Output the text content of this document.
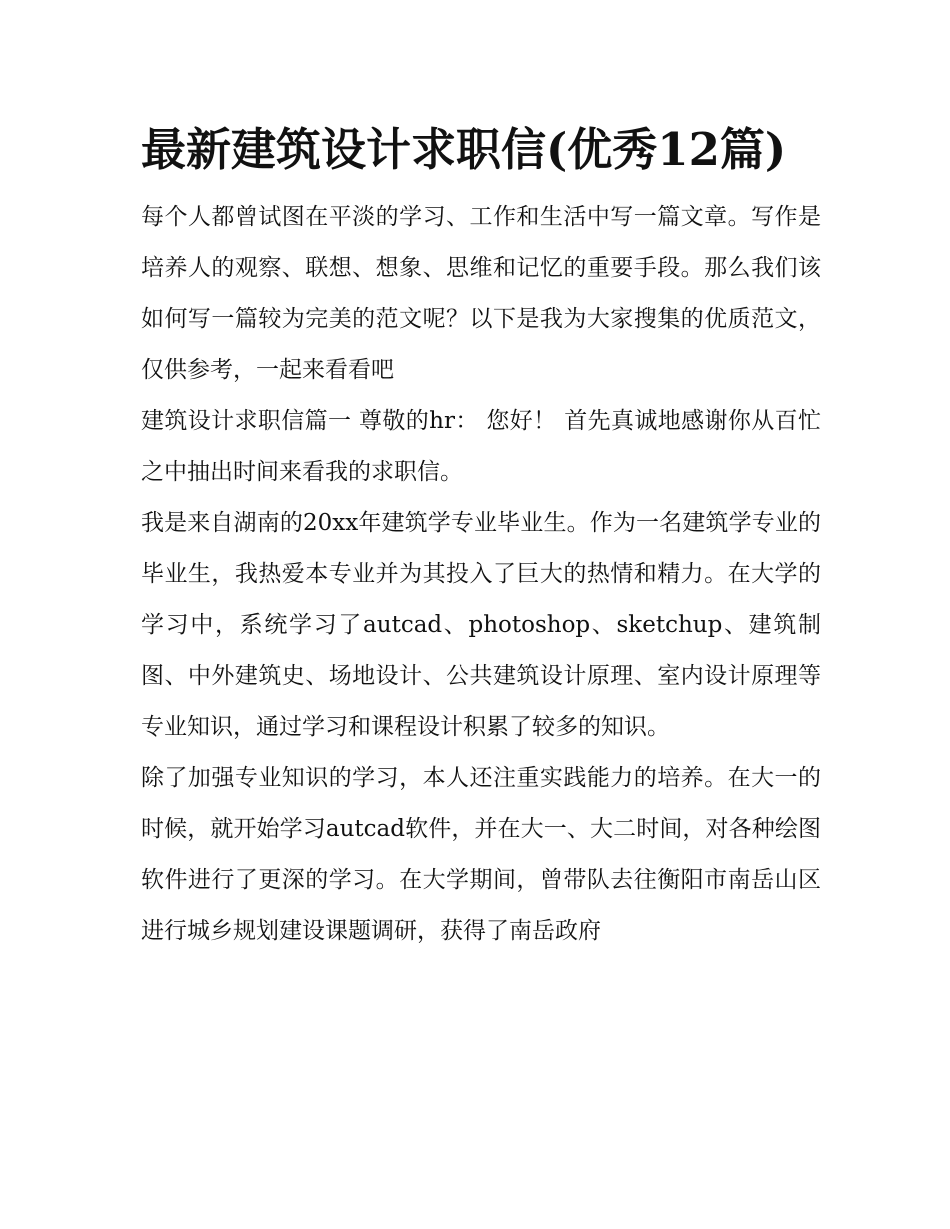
最新建筑设计求职信(优秀12篇)

每个人都曾试图在平淡的学习、工作和生活中写一篇文章。写作是培养人的观察、联想、想象、思维和记忆的重要手段。那么我们该如何写一篇较为完美的范文呢？以下是我为大家搜集的优质范文，仅供参考，一起来看看吧

建筑设计求职信篇一 尊敬的hr： 您好！ 首先真诚地感谢你从百忙之中抽出时间来看我的求职信。

我是来自湖南的20xx年建筑学专业毕业生。作为一名建筑学专业的毕业生，我热爱本专业并为其投入了巨大的热情和精力。在大学的学习中，系统学习了autcad、photoshop、sketchup、建筑制图、中外建筑史、场地设计、公共建筑设计原理、室内设计原理等专业知识，通过学习和课程设计积累了较多的知识。

除了加强专业知识的学习，本人还注重实践能力的培养。在大一的时候，就开始学习autcad软件，并在大一、大二时间，对各种绘图软件进行了更深的学习。在大学期间，曾带队去往衡阳市南岳山区进行城乡规划建设课题调研，获得了南岳政府
